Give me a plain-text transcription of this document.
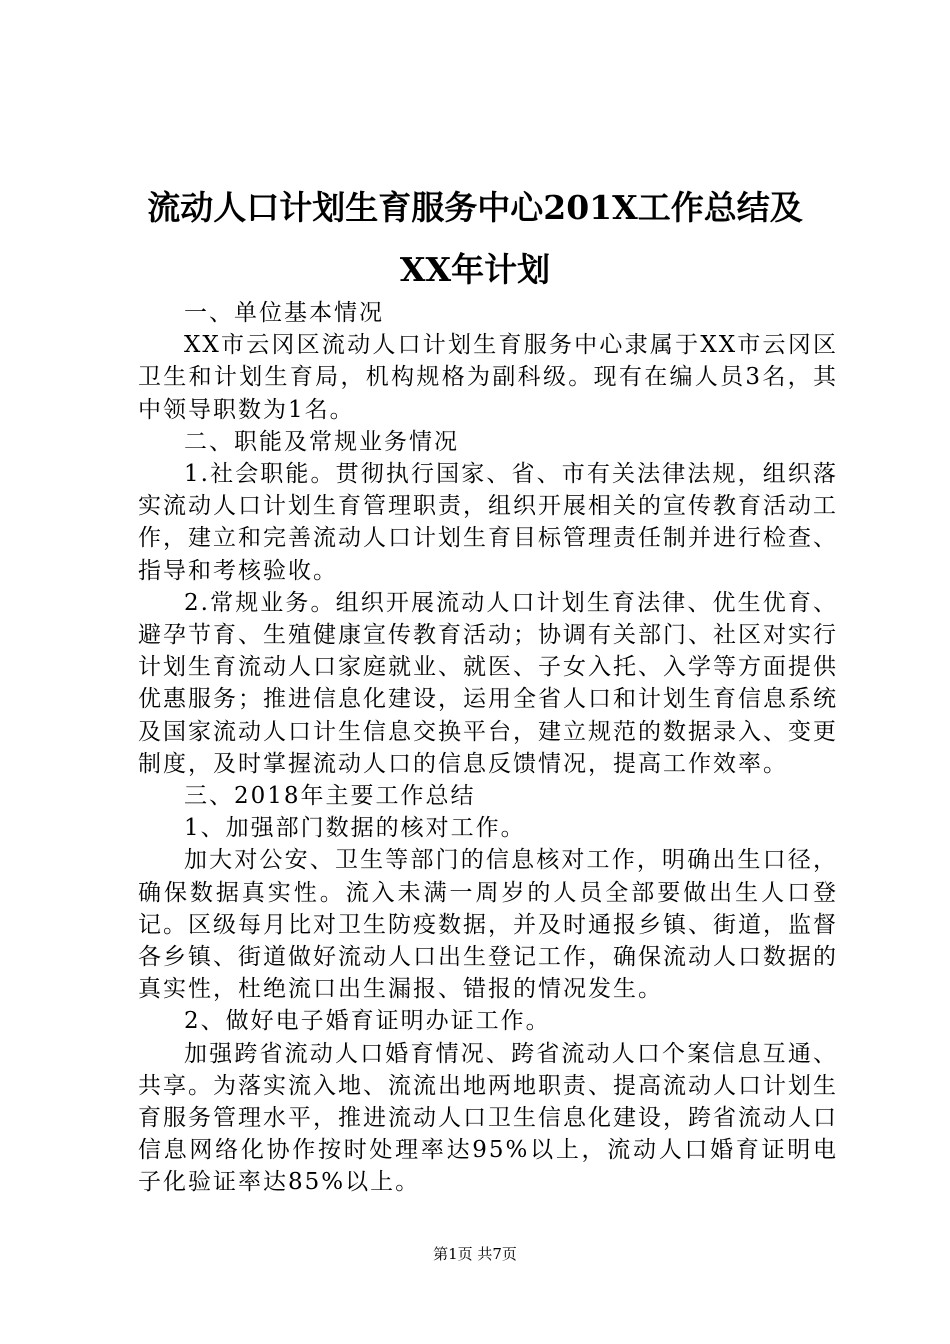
流动人口计划生育服务中心201X工作总结及
XX年计划

一、单位基本情况

XX市云冈区流动人口计划生育服务中心隶属于XX市云冈区卫生和计划生育局，机构规格为副科级。现有在编人员3名，其中领导职数为1名。

二、职能及常规业务情况

1.社会职能。贯彻执行国家、省、市有关法律法规，组织落实流动人口计划生育管理职责，组织开展相关的宣传教育活动工作，建立和完善流动人口计划生育目标管理责任制并进行检查、指导和考核验收。

2.常规业务。组织开展流动人口计划生育法律、优生优育、避孕节育、生殖健康宣传教育活动；协调有关部门、社区对实行计划生育流动人口家庭就业、就医、子女入托、入学等方面提供优惠服务；推进信息化建设，运用全省人口和计划生育信息系统及国家流动人口计生信息交换平台，建立规范的数据录入、变更制度，及时掌握流动人口的信息反馈情况，提高工作效率。

三、2018年主要工作总结

1、加强部门数据的核对工作。

加大对公安、卫生等部门的信息核对工作，明确出生口径，确保数据真实性。流入未满一周岁的人员全部要做出生人口登记。区级每月比对卫生防疫数据，并及时通报乡镇、街道，监督各乡镇、街道做好流动人口出生登记工作，确保流动人口数据的真实性，杜绝流口出生漏报、错报的情况发生。

2、做好电子婚育证明办证工作。

加强跨省流动人口婚育情况、跨省流动人口个案信息互通、共享。为落实流入地、流流出地两地职责、提高流动人口计划生育服务管理水平，推进流动人口卫生信息化建设，跨省流动人口信息网络化协作按时处理率达95%以上，流动人口婚育证明电子化验证率达85%以上。

第1页 共7页
